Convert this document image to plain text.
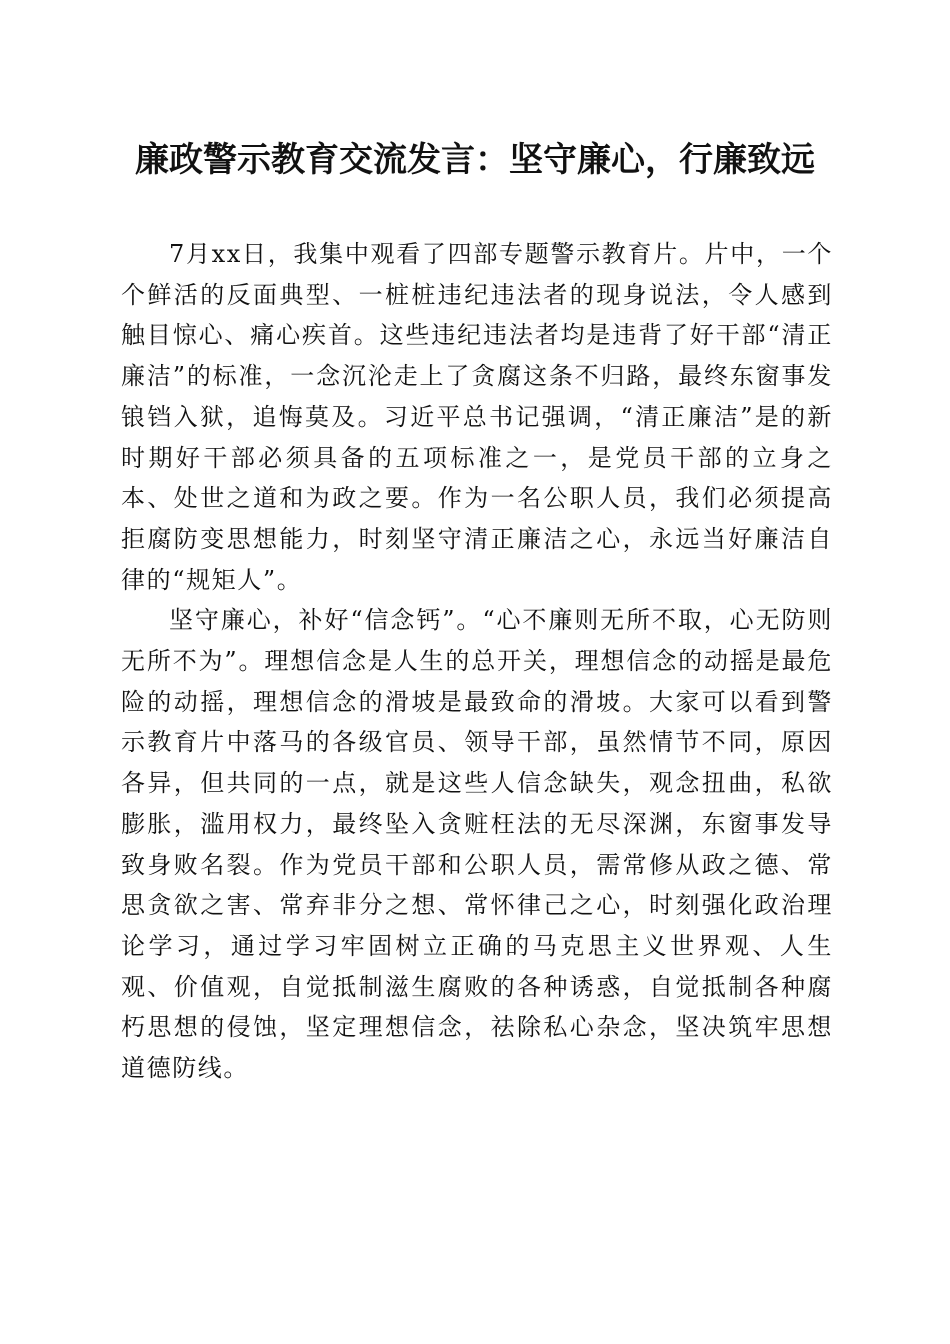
廉政警示教育交流发言：坚守廉心，行廉致远

7月xx日，我集中观看了四部专题警示教育片。片中，一个个鲜活的反面典型、一桩桩违纪违法者的现身说法，令人感到触目惊心、痛心疾首。这些违纪违法者均是违背了好干部“清正廉洁”的标准，一念沉沦走上了贪腐这条不归路，最终东窗事发锒铛入狱，追悔莫及。习近平总书记强调，“清正廉洁”是的新时期好干部必须具备的五项标准之一，是党员干部的立身之本、处世之道和为政之要。作为一名公职人员，我们必须提高拒腐防变思想能力，时刻坚守清正廉洁之心，永远当好廉洁自律的“规矩人”。

坚守廉心，补好“信念钙”。“心不廉则无所不取，心无防则无所不为”。理想信念是人生的总开关，理想信念的动摇是最危险的动摇，理想信念的滑坡是最致命的滑坡。大家可以看到警示教育片中落马的各级官员、领导干部，虽然情节不同，原因各异，但共同的一点，就是这些人信念缺失，观念扭曲，私欲膨胀，滥用权力，最终坠入贪赃枉法的无尽深渊，东窗事发导致身败名裂。作为党员干部和公职人员，需常修从政之德、常思贪欲之害、常弃非分之想、常怀律己之心，时刻强化政治理论学习，通过学习牢固树立正确的马克思主义世界观、人生观、价值观，自觉抵制滋生腐败的各种诱惑，自觉抵制各种腐朽思想的侵蚀，坚定理想信念，祛除私心杂念，坚决筑牢思想道德防线。
